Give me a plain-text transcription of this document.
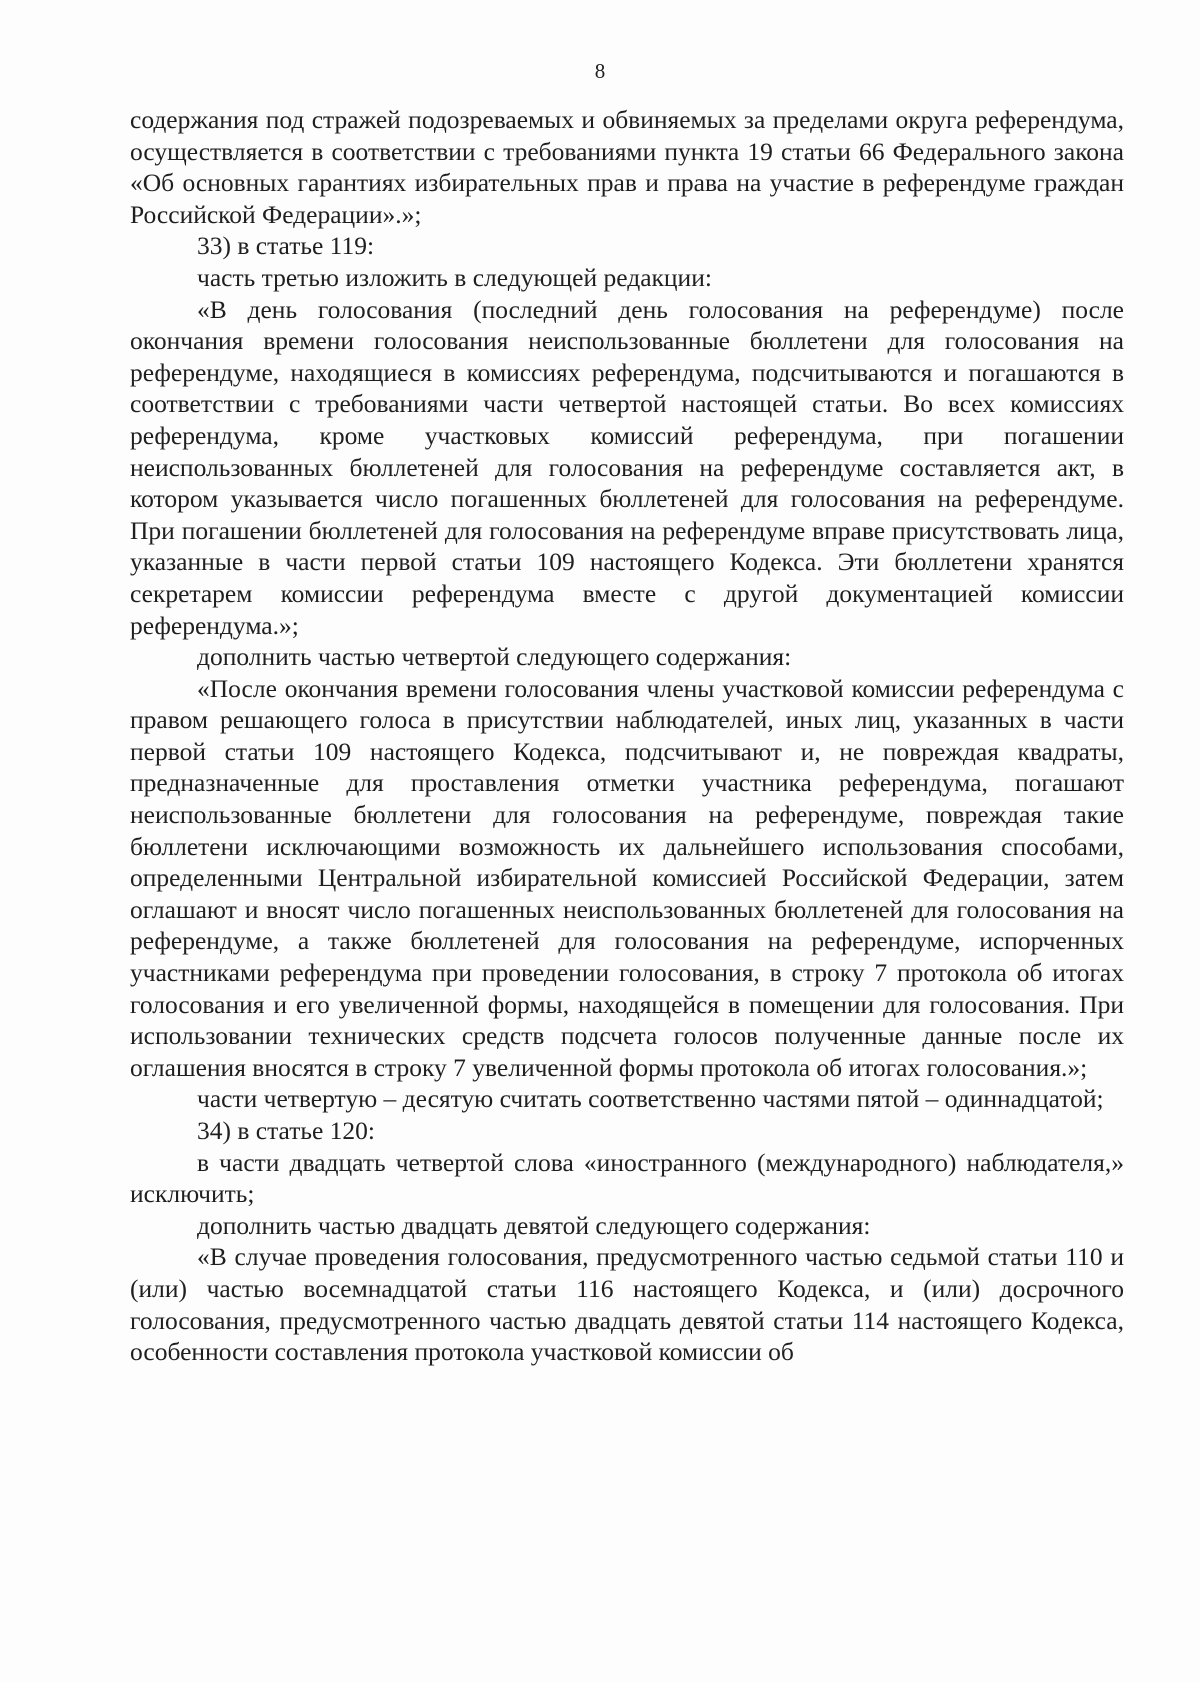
8

содержания под стражей подозреваемых и обвиняемых за пределами округа референдума, осуществляется в соответствии с требованиями пункта 19 статьи 66 Федерального закона «Об основных гарантиях избирательных прав и права на участие в референдуме граждан Российской Федерации».»;

33) в статье 119:

часть третью изложить в следующей редакции:

«В день голосования (последний день голосования на референдуме) после окончания времени голосования неиспользованные бюллетени для голосования на референдуме, находящиеся в комиссиях референдума, подсчитываются и погашаются в соответствии с требованиями части четвертой настоящей статьи. Во всех комиссиях референдума, кроме участковых комиссий референдума, при погашении неиспользованных бюллетеней для голосования на референдуме составляется акт, в котором указывается число погашенных бюллетеней для голосования на референдуме. При погашении бюллетеней для голосования на референдуме вправе присутствовать лица, указанные в части первой статьи 109 настоящего Кодекса. Эти бюллетени хранятся секретарем комиссии референдума вместе с другой документацией комиссии референдума.»;

дополнить частью четвертой следующего содержания:

«После окончания времени голосования члены участковой комиссии референдума с правом решающего голоса в присутствии наблюдателей, иных лиц, указанных в части первой статьи 109 настоящего Кодекса, подсчитывают и, не повреждая квадраты, предназначенные для проставления отметки участника референдума, погашают неиспользованные бюллетени для голосования на референдуме, повреждая такие бюллетени исключающими возможность их дальнейшего использования способами, определенными Центральной избирательной комиссией Российской Федерации, затем оглашают и вносят число погашенных неиспользованных бюллетеней для голосования на референдуме, а также бюллетеней для голосования на референдуме, испорченных участниками референдума при проведении голосования, в строку 7 протокола об итогах голосования и его увеличенной формы, находящейся в помещении для голосования. При использовании технических средств подсчета голосов полученные данные после их оглашения вносятся в строку 7 увеличенной формы протокола об итогах голосования.»;

части четвертую – десятую считать соответственно частями пятой – одиннадцатой;

34) в статье 120:

в части двадцать четвертой слова «иностранного (международного) наблюдателя,» исключить;

дополнить частью двадцать девятой следующего содержания:

«В случае проведения голосования, предусмотренного частью седьмой статьи 110 и (или) частью восемнадцатой статьи 116 настоящего Кодекса, и (или) досрочного голосования, предусмотренного частью двадцать девятой статьи 114 настоящего Кодекса, особенности составления протокола участковой комиссии об
